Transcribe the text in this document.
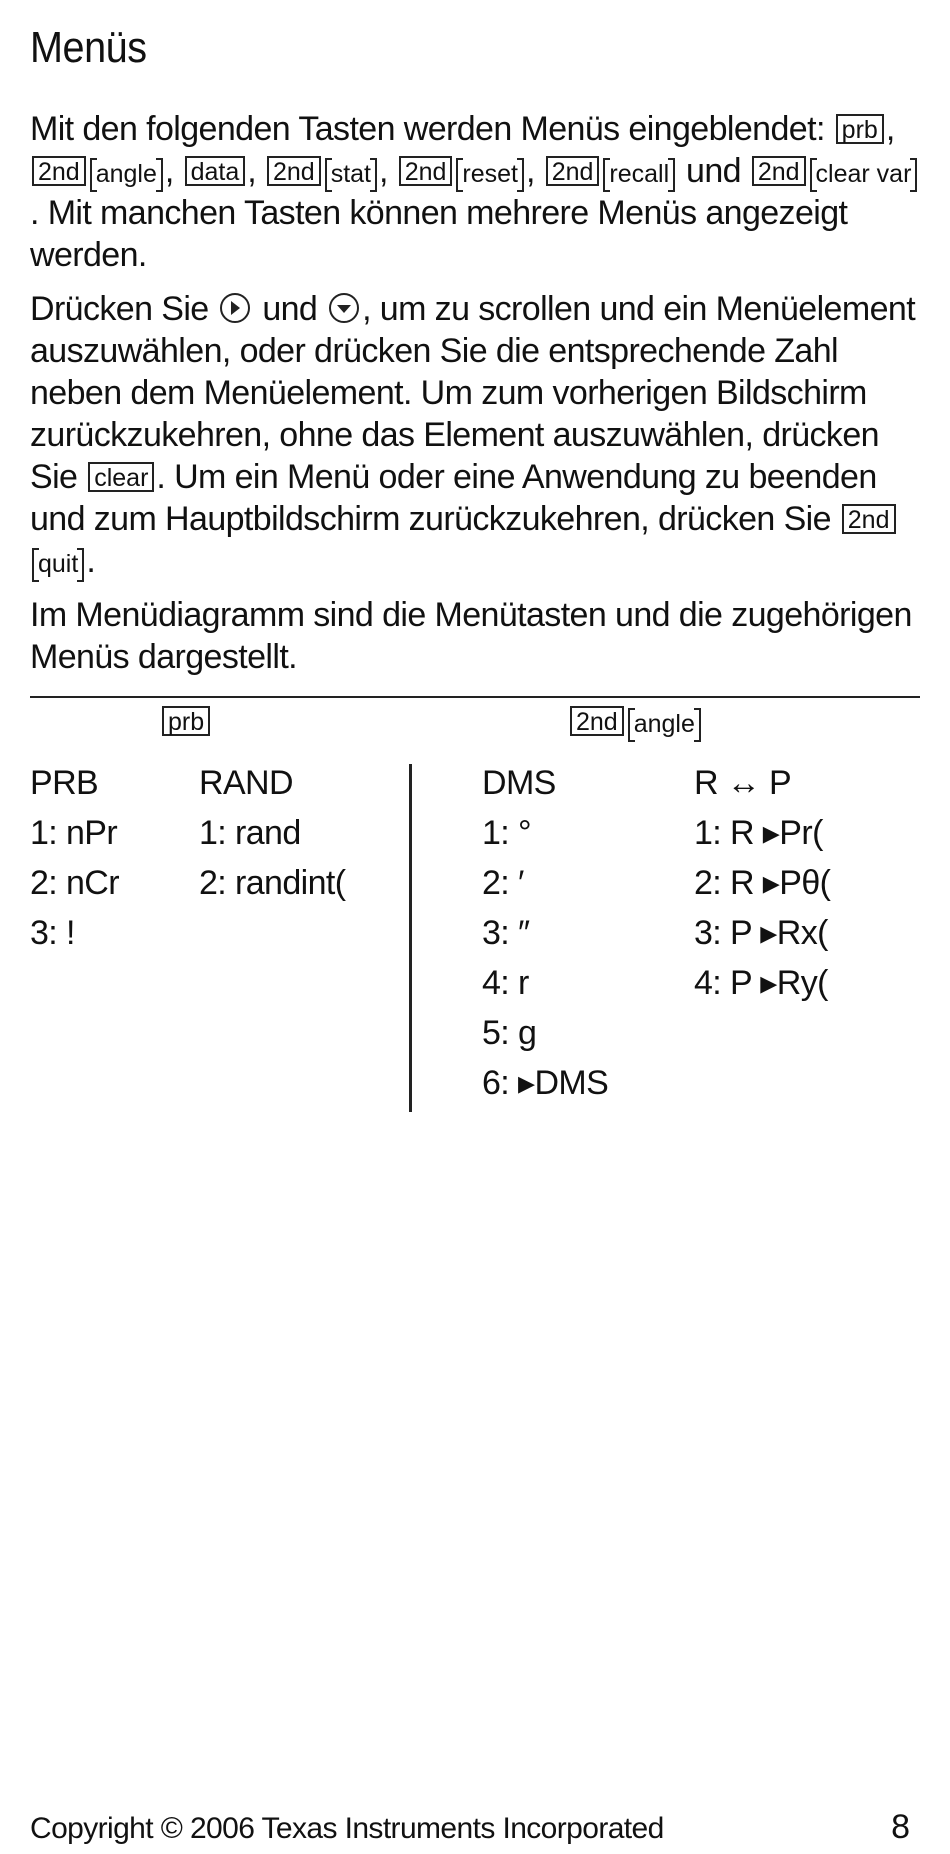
Menüs

Mit den folgenden Tasten werden Menüs eingeblendet: prb , 2nd angle , data , 2nd stat , 2nd reset , 2nd recall und 2nd clear var. Mit manchen Tasten können mehrere Menüs angezeigt werden.

Drücken Sie und , um zu scrollen und ein Menüelement auszuwählen, oder drücken Sie die entsprechende Zahl neben dem Menüelement. Um zum vorherigen Bildschirm zurückzukehren, ohne das Element auszuwählen, drücken Sie clear . Um ein Menü oder eine Anwendung zu beenden und zum Hauptbildschirm zurückzukehren, drücken Sie 2ndquit .

Im Menüdiagramm sind die Menütasten und die zugehörigen Menüs dargestellt.

prb	2nd angle
PRB
1: nPr
2: nCr
3: !
RAND
1: rand
2: randint(
DMS
1: °
2: ′
3: ″
4: r
5: g
6: ▸DMS
R ↔ P
1: R ▸Pr(
2: R ▸Pθ(
3: P ▸Rx(
4: P ▸Ry(
Copyright © 2006 Texas Instruments Incorporated	8
